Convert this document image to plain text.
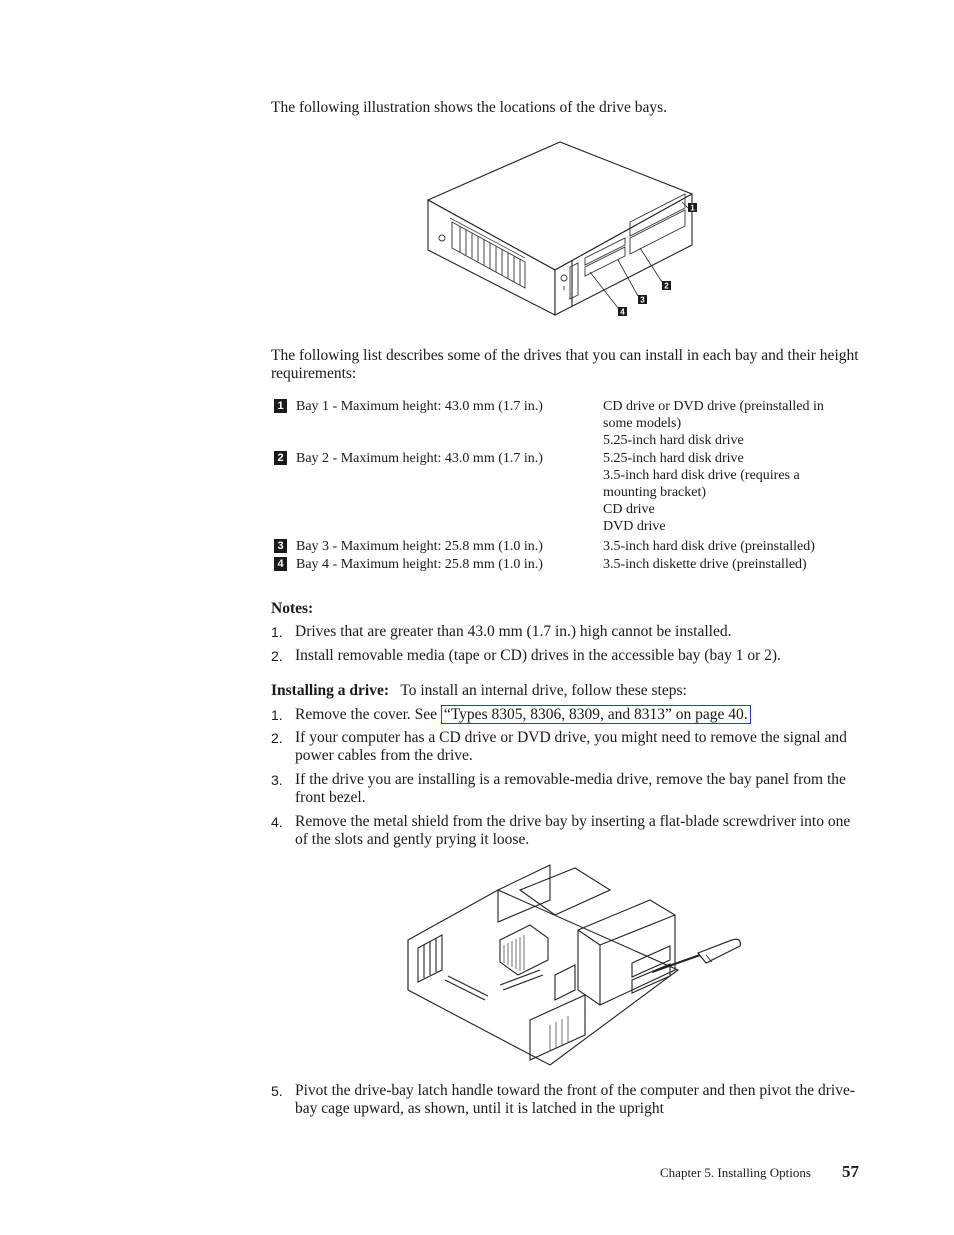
The following illustration shows the locations of the drive bays.
1
2
3
4
The following list describes some of the drives that you can install in each bay and their height requirements:
1 Bay 1 - Maximum height: 43.0 mm (1.7 in.)	CD drive or DVD drive (preinstalled in
some models)
5.25-inch hard disk drive
2 Bay 2 - Maximum height: 43.0 mm (1.7 in.)	5.25-inch hard disk drive
3.5-inch hard disk drive (requires a
mounting bracket)
CD drive
DVD drive
3 Bay 3 - Maximum height: 25.8 mm (1.0 in.)	3.5-inch hard disk drive (preinstalled)
4 Bay 4 - Maximum height: 25.8 mm (1.0 in.)	3.5-inch diskette drive (preinstalled)
Notes:
1. Drives that are greater than 43.0 mm (1.7 in.) high cannot be installed.
2. Install removable media (tape or CD) drives in the accessible bay (bay 1 or 2).
Installing a drive: To install an internal drive, follow these steps:
1. Remove the cover. See “Types 8305, 8306, 8309, and 8313” on page 40.
2. If your computer has a CD drive or DVD drive, you might need to remove the signal and power cables from the drive.
3. If the drive you are installing is a removable-media drive, remove the bay panel from the front bezel.
4. Remove the metal shield from the drive bay by inserting a flat-blade screwdriver into one of the slots and gently prying it loose.
5. Pivot the drive-bay latch handle toward the front of the computer and then pivot the drive-bay cage upward, as shown, until it is latched in the upright
Chapter 5. Installing Options 57
